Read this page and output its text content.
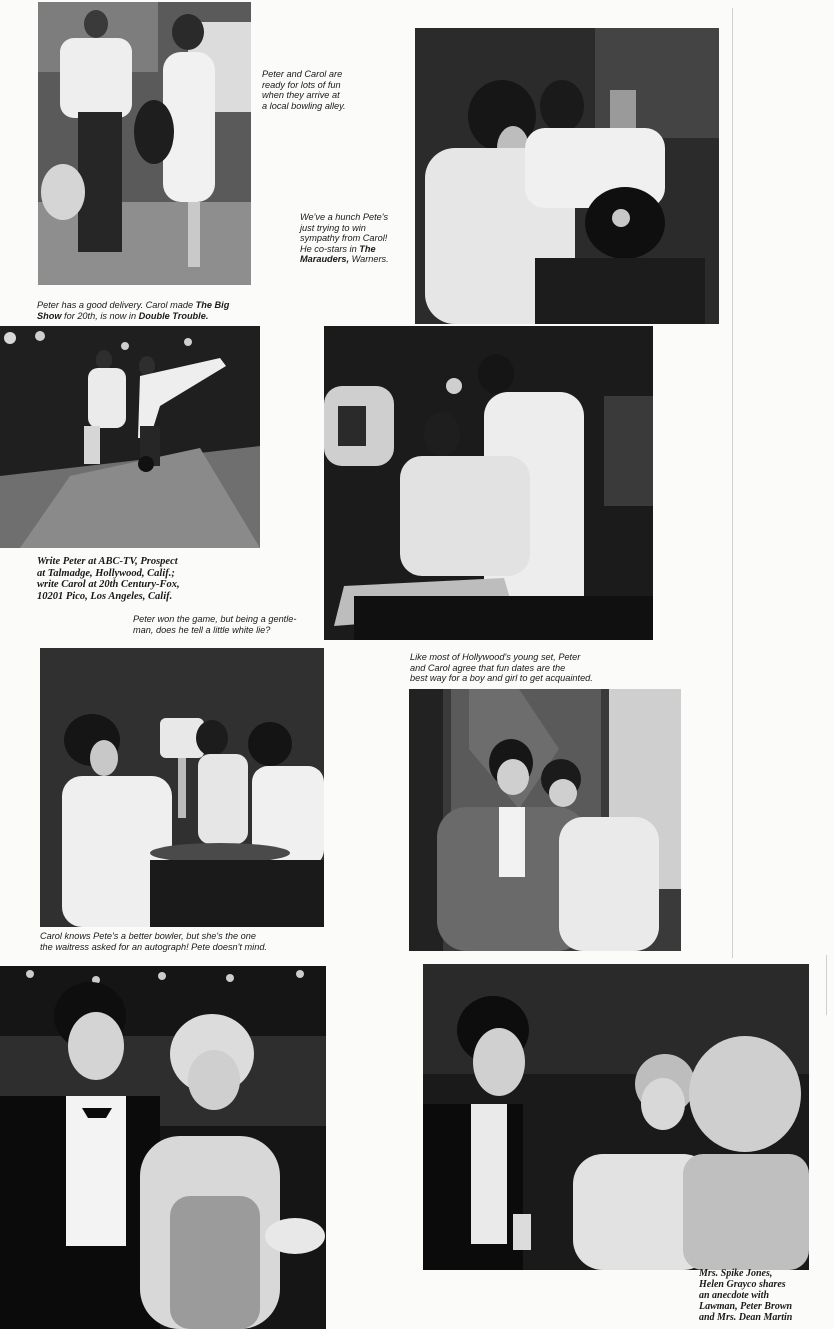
Peter and Carol are
ready for lots of fun
when they arrive at
a local bowling alley.

We've a hunch Pete's
just trying to win
sympathy from Carol!
He co-stars in The
Marauders, Warners.

Peter has a good delivery. Carol made The Big
Show for 20th, is now in Double Trouble.

Write Peter at ABC-TV, Prospect
at Talmadge, Hollywood, Calif.;
write Carol at 20th Century-Fox,
10201 Pico, Los Angeles, Calif.

Peter won the game, but being a gentle-
man, does he tell a little white lie?

Like most of Hollywood's young set, Peter
and Carol agree that fun dates are the
best way for a boy and girl to get acquainted.

Carol knows Pete's a better bowler, but she's the one
the waitress asked for an autograph! Pete doesn't mind.

Mrs. Spike Jones,
Helen Grayco shares
an anecdote with
Lawman, Peter Brown
and Mrs. Dean Martin
